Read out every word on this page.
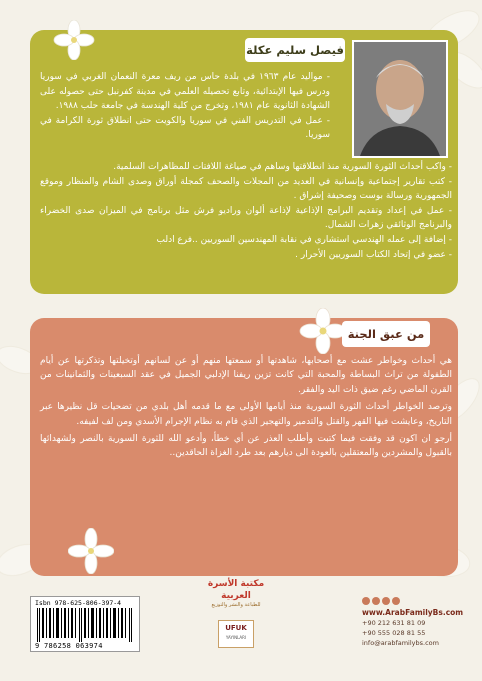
فيصل سليم عكلة

- مواليد عام ١٩٦٣ في بلدة حاس من ريف معرة النعمان الغربي في سوريا ودرس فيها الإبتدائية، وتابع تحصيله العلمي في مدينة كفرنبل حتى حصوله على الشهادة الثانوية عام ١٩٨١، وتخرج من كلية الهندسة في جامعة حلب ١٩٨٨.

- عمل في التدريس الفني في سوريا والكويت حتى انطلاق ثورة الكرامة في سوريا.

- واكب أحداث الثورة السورية منذ انطلاقتها وساهم في صياغة اللافتات للمظاهرات السلمية.

- كتب تقارير إجتماعية وإنسانية في العديد من المجلات والصحف كمجلة أوراق وصدى الشام والمنظار وموقع الجمهورية ورسالة بوست وصحيفة إشراق .

- عمل في إعداد وتقديم البرامج الإذاعية لإذاعة ألوان وراديو فرش مثل برنامج في الميزان صدى الخضراء والبرنامج الوثائقي زهرات الشمال.

- إضافة إلى عمله الهندسي استشاري في نقابة المهندسين السوريين ..فرع ادلب

- عضو في إتحاد الكتاب السوريين الأحرار .

من عبق الجنة

هي أحداث وخواطر عشت مع أصحابها، شاهدتها أو سمعتها منهم أو عن لسانهم أوتخيلتها وتذكرتها عن أيام الطفولة من تراث البساطة والمحبة التي كانت تزين ريفنا الإدلبي الجميل في عقد السبعينات والثمانينات من القرن الماضي رغم ضيق ذات اليد والفقر.

وترصد الخواطر أحداث الثورة السورية منذ أيامها الأولى مع ما قدمه أهل بلدي من تضحيات قل نظيرها عبر التاريخ، وعايشت فيها القهر والقتل والتدمير والتهجير الذي قام به نظام الإجرام الأسدي ومن لف لفيفه.

أرجو ان اكون قد وفقت فيما كتبت وأطلب العذر عن أي خطأ، وأدعو الله للثورة السورية بالنصر ولشهدائها بالقبول والمشردين والمعتقلين بالعودة الى ديارهم بعد طرد الغزاة الحاقدين..

Isbn 978-625-806-397-4
9 786258 063974
مكتبة الأسرة العربية
للطباعة والنشر والتوزيع
UFUK
YAYINLARI
www.ArabFamilyBs.com
+90 212 631 81 09
+90 555 028 81 55
info@arabfamilybs.com
